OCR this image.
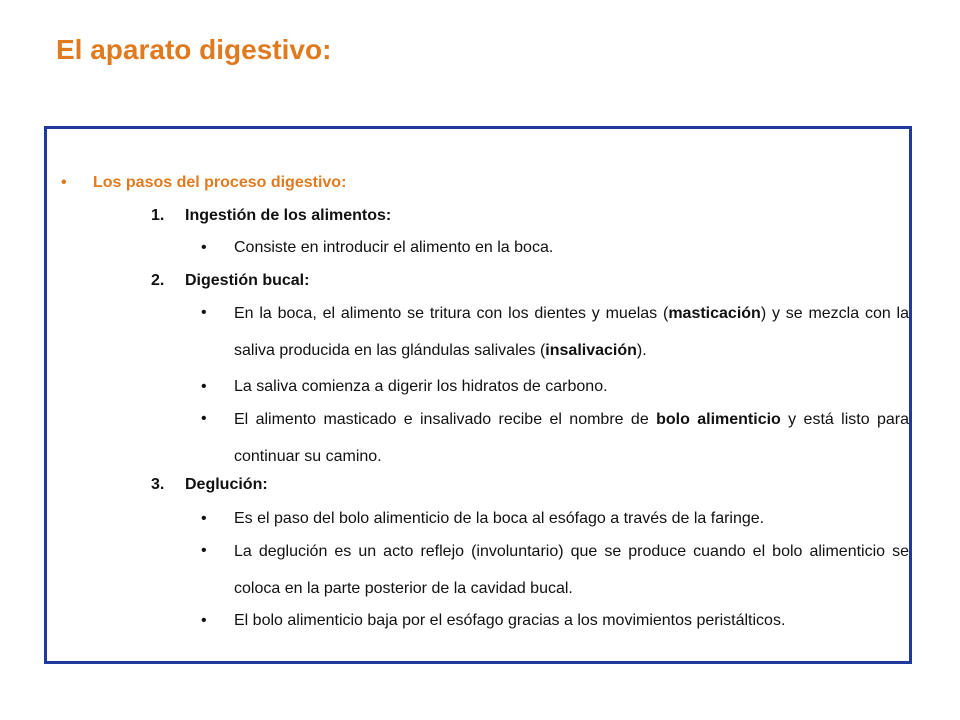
El aparato digestivo:
• Los pasos del proceso digestivo:
1. Ingestión de los alimentos:
• Consiste en introducir el alimento en la boca.
2. Digestión bucal:
• En la boca, el alimento se tritura con los dientes y muelas (masticación) y se mezcla con la saliva producida en las glándulas salivales (insalivación).
• La saliva comienza a digerir los hidratos de carbono.
• El alimento masticado e insalivado recibe el nombre de bolo alimenticio y está listo para continuar su camino.
3. Deglución:
• Es el paso del bolo alimenticio de la boca al esófago a través de la faringe.
• La deglución es un acto reflejo (involuntario) que se produce cuando el bolo alimenticio se coloca en la parte posterior de la cavidad bucal.
• El bolo alimenticio baja por el esófago gracias a los movimientos peristálticos.
